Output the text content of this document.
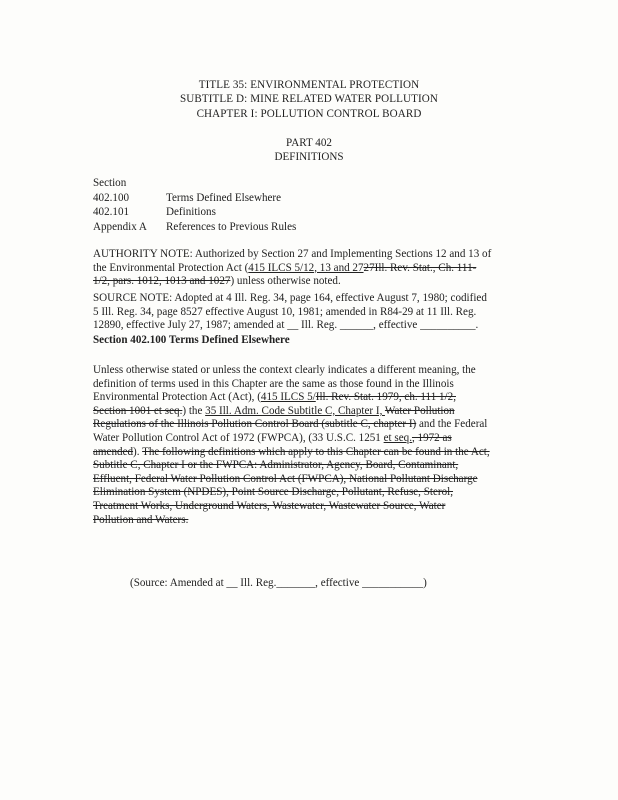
TITLE 35: ENVIRONMENTAL PROTECTION
SUBTITLE D: MINE RELATED WATER POLLUTION
CHAPTER I: POLLUTION CONTROL BOARD
PART 402
DEFINITIONS
Section
402.100	Terms Defined Elsewhere
402.101	Definitions
Appendix A References to Previous Rules
AUTHORITY NOTE: Authorized by Section 27 and Implementing Sections 12 and 13 of
the Environmental Protection Act (415 ILCS 5/12, 13 and 2727Ill. Rev. Stat., Ch. 111-
1/2, pars. 1012, 1013 and 1027) unless otherwise noted.
SOURCE NOTE: Adopted at 4 Ill. Reg. 34, page 164, effective August 7, 1980; codified
5 Ill. Reg. 34, page 8527 effective August 10, 1981; amended in R84-29 at 11 Ill. Reg.
12890, effective July 27, 1987; amended at __ Ill. Reg. ______, effective __________.
Section 402.100 Terms Defined Elsewhere
Unless otherwise stated or unless the context clearly indicates a different meaning, the
definition of terms used in this Chapter are the same as those found in the Illinois
Environmental Protection Act (Act), (415 ILCS 5/Ill. Rev. Stat. 1979, ch. 111 1/2,
Section 1001 et seq.) the 35 Ill. Adm. Code Subtitle C, Chapter I, Water Pollution
Regulations of the Illinois Pollution Control Board (subtitle C, chapter I) and the Federal
Water Pollution Control Act of 1972 (FWPCA), (33 U.S.C. 1251 et seq., 1972 as
amended). The following definitions which apply to this Chapter can be found in the Act,
Subtitle C, Chapter I or the FWPCA: Administrator, Agency, Board, Contaminant,
Effluent, Federal Water Pollution Control Act (FWPCA), National Pollutant Discharge
Elimination System (NPDES), Point Source Discharge, Pollutant, Refuse, Sterol,
Treatment Works, Underground Waters, Wastewater, Wastewater Source, Water
Pollution and Waters.
(Source: Amended at __ Ill. Reg._______, effective ___________)
